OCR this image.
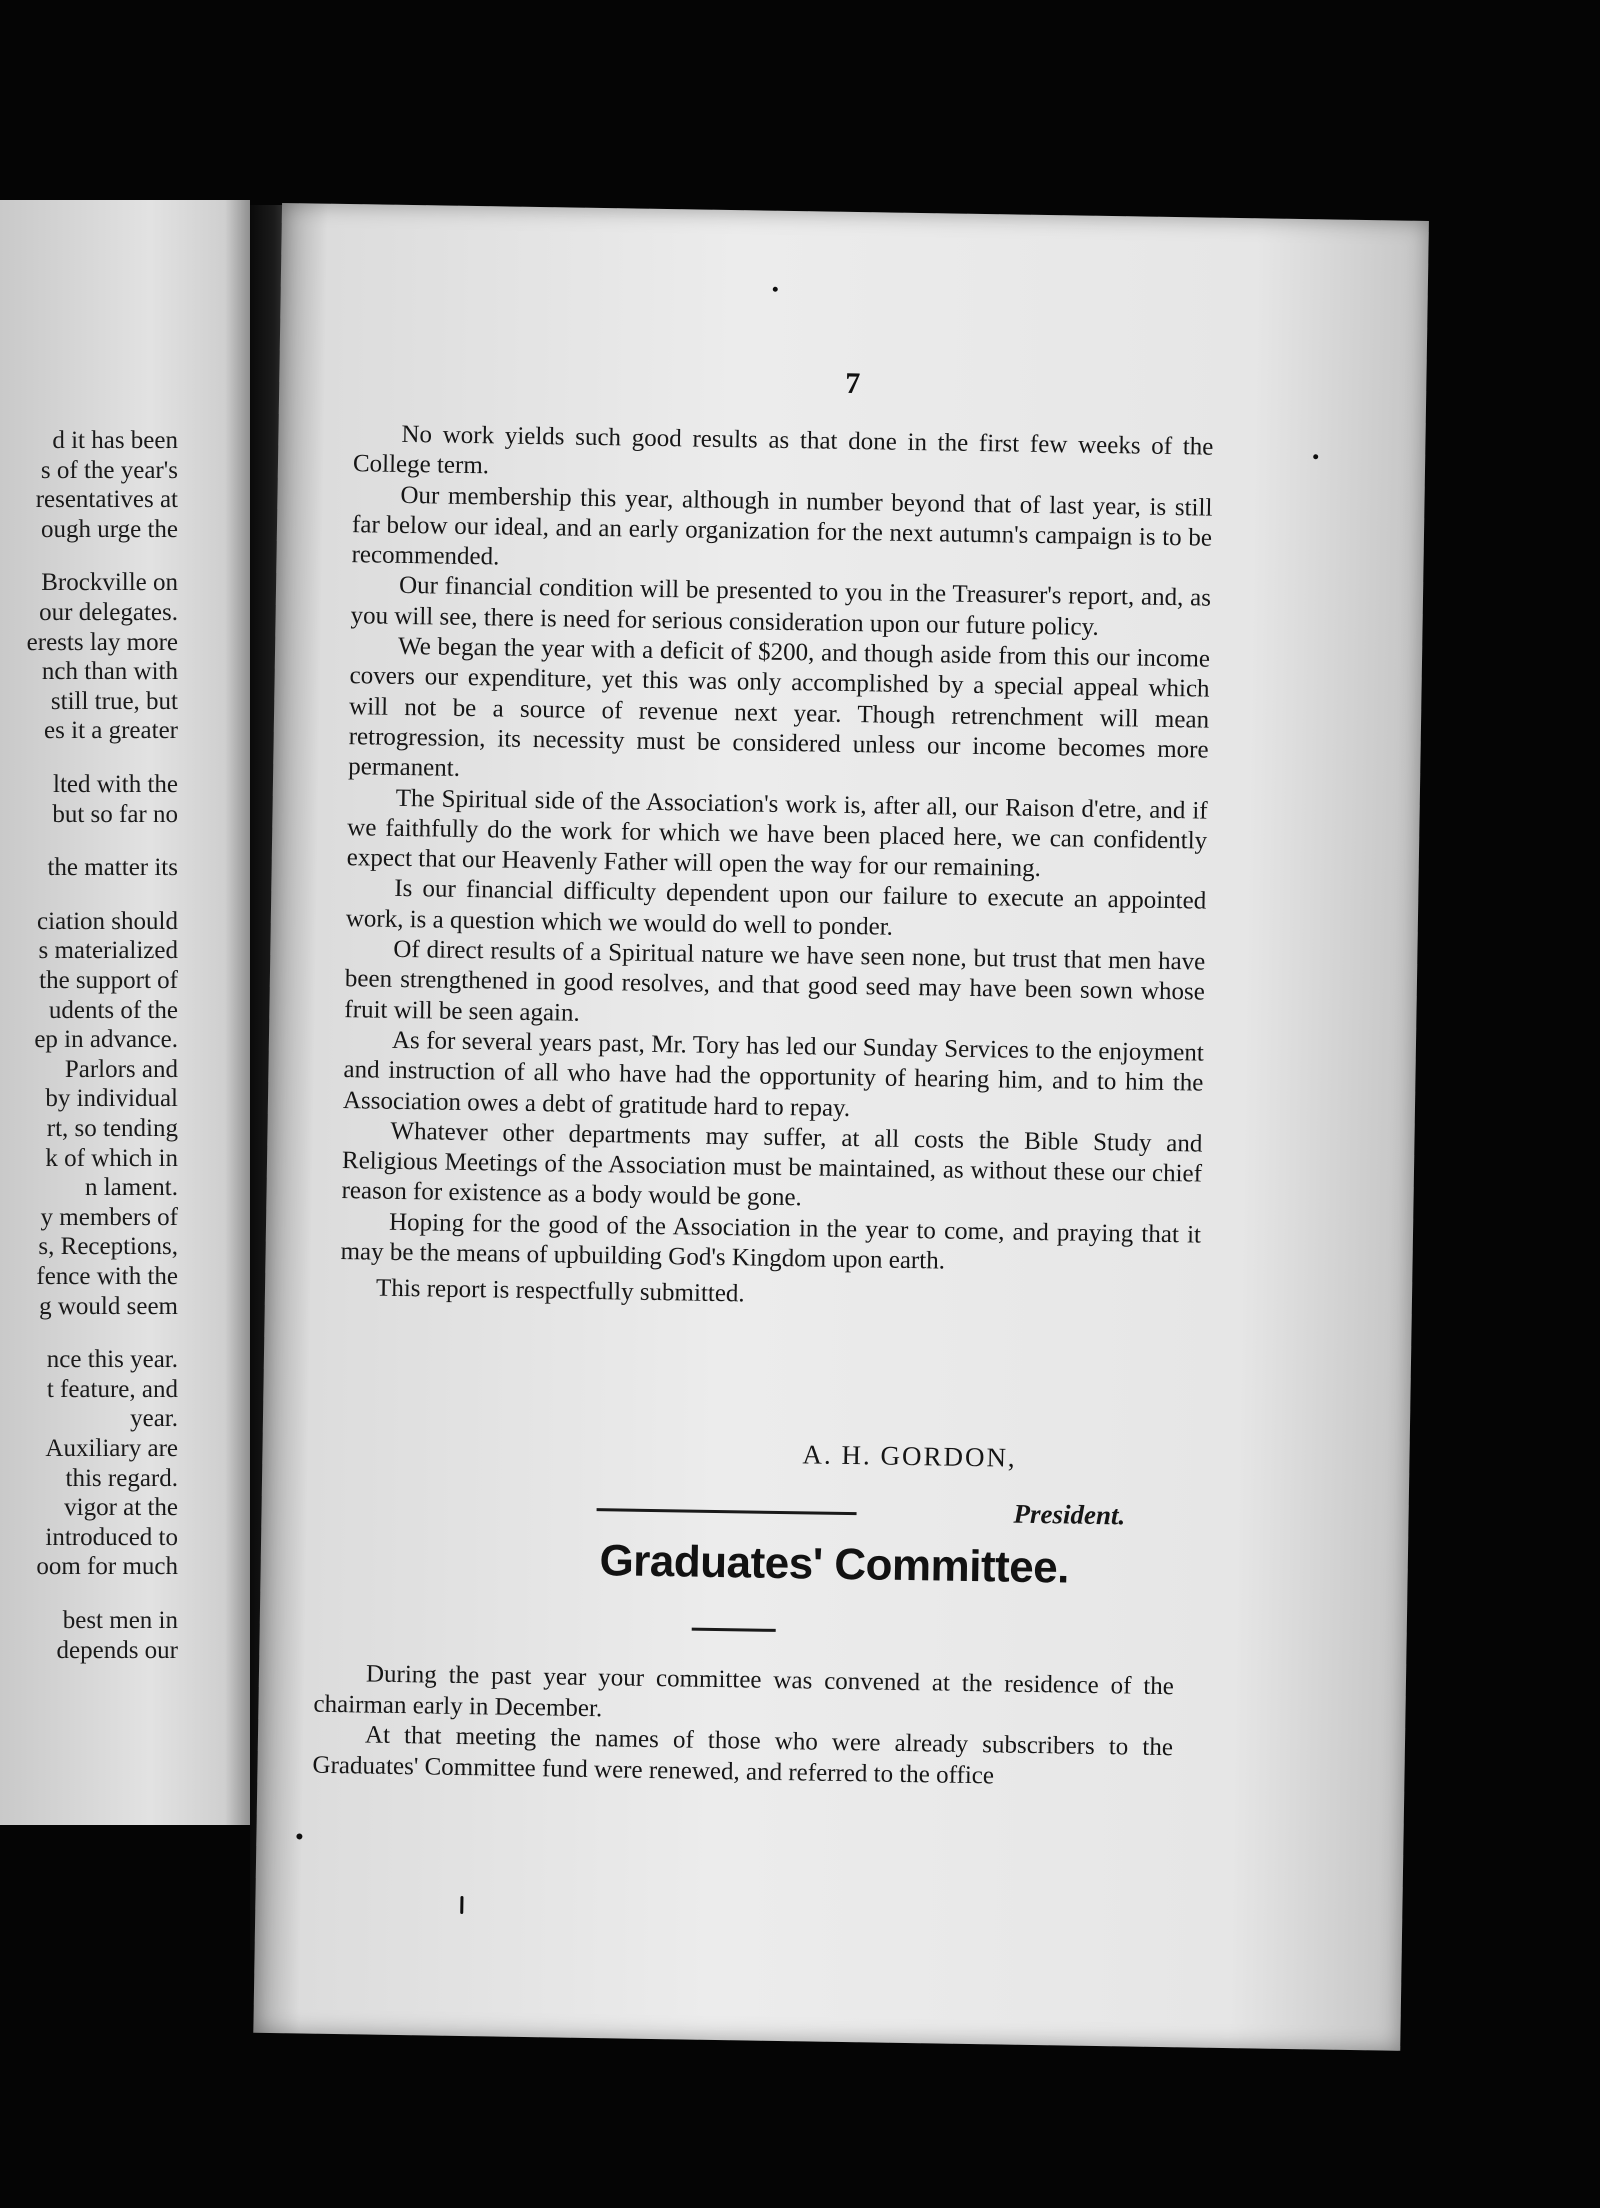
d it has been
s of the year's
resentatives at
ough urge the
Brockville on
our delegates.
erests lay more
nch than with
still true, but
es it a greater
lted with the
but so far no
the matter its
ciation should
s materialized
the support of
udents of the
ep in advance.
Parlors and
by individual
rt, so tending
k of which in
n lament.
y members of
s, Receptions,
fence with the
g would seem
nce this year.
t feature, and
year.
Auxiliary are
this regard.
vigor at the
introduced to
oom for much
best men in
depends our
7

No work yields such good results as that done in the first few weeks of the College term.

Our membership this year, although in number beyond that of last year, is still far below our ideal, and an early organization for the next autumn's campaign is to be recommended.

Our financial condition will be presented to you in the Treasurer's report, and, as you will see, there is need for serious consideration upon our future policy.

We began the year with a deficit of $200, and though aside from this our income covers our expenditure, yet this was only accomplished by a special appeal which will not be a source of revenue next year. Though retrenchment will mean retrogression, its necessity must be considered unless our income becomes more permanent.

The Spiritual side of the Association's work is, after all, our Raison d'etre, and if we faithfully do the work for which we have been placed here, we can confidently expect that our Heavenly Father will open the way for our remaining.

Is our financial difficulty dependent upon our failure to execute an appointed work, is a question which we would do well to ponder.

Of direct results of a Spiritual nature we have seen none, but trust that men have been strengthened in good resolves, and that good seed may have been sown whose fruit will be seen again.

As for several years past, Mr. Tory has led our Sunday Services to the enjoyment and instruction of all who have had the opportunity of hearing him, and to him the Association owes a debt of gratitude hard to repay.

Whatever other departments may suffer, at all costs the Bible Study and Religious Meetings of the Association must be maintained, as without these our chief reason for existence as a body would be gone.

Hoping for the good of the Association in the year to come, and praying that it may be the means of upbuilding God's Kingdom upon earth.

This report is respectfully submitted.

A. H. GORDON,
President.
Graduates' Committee.

During the past year your committee was convened at the residence of the chairman early in December.

At that meeting the names of those who were already subscribers to the Graduates' Committee fund were renewed, and referred to the office
